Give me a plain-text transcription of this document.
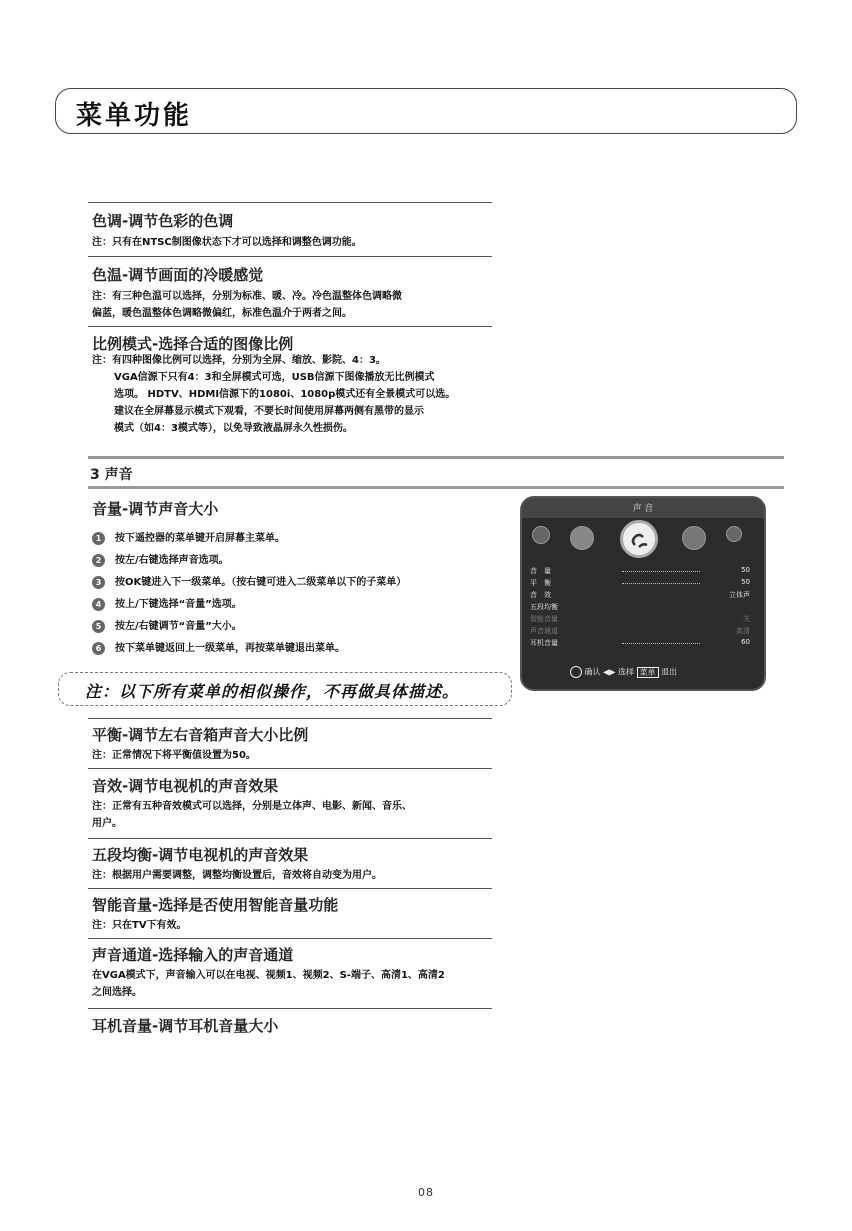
菜单功能
色调-调节色彩的色调
注：只有在NTSC制图像状态下才可以选择和调整色调功能。
色温-调节画面的冷暖感觉
注：有三种色温可以选择，分别为标准、暖、冷。冷色温整体色调略微
偏蓝，暖色温整体色调略微偏红，标准色温介于两者之间。
比例模式-选择合适的图像比例
注：有四种图像比例可以选择，分别为全屏、缩放、影院、4：3。
VGA信源下只有4：3和全屏模式可选，USB信源下图像播放无比例模式
选项。 HDTV、HDMI信源下的1080i、1080p模式还有全景模式可以选。
建议在全屏幕显示模式下观看，不要长时间使用屏幕两侧有黑带的显示
模式（如4：3模式等），以免导致液晶屏永久性损伤。
3 声音
音量-调节声音大小
1 按下遥控器的菜单键开启屏幕主菜单。
2 按左/右键选择声音选项。
3 按OK键进入下一级菜单。（按右键可进入二级菜单以下的子菜单）
4 按上/下键选择“音量”选项。
5 按左/右键调节“音量”大小。
6 按下菜单键返回上一级菜单，再按菜单键退出菜单。
注：以下所有菜单的相似操作，不再做具体描述。
声 音
音　量	50
平　衡	50
音　效	立体声
五段均衡
智能音量	关
声音通道	高清
耳机音量	60
确认 ◀▶ 选择 菜单 退出
平衡-调节左右音箱声音大小比例
注：正常情况下将平衡值设置为50。
音效-调节电视机的声音效果
注：正常有五种音效模式可以选择，分别是立体声、电影、新闻、音乐、
用户。
五段均衡-调节电视机的声音效果
注：根据用户需要调整，调整均衡设置后，音效将自动变为用户。
智能音量-选择是否使用智能音量功能
注：只在TV下有效。
声音通道-选择输入的声音通道
在VGA模式下，声音输入可以在电视、视频1、视频2、S-端子、高清1、高清2
之间选择。
耳机音量-调节耳机音量大小
08
